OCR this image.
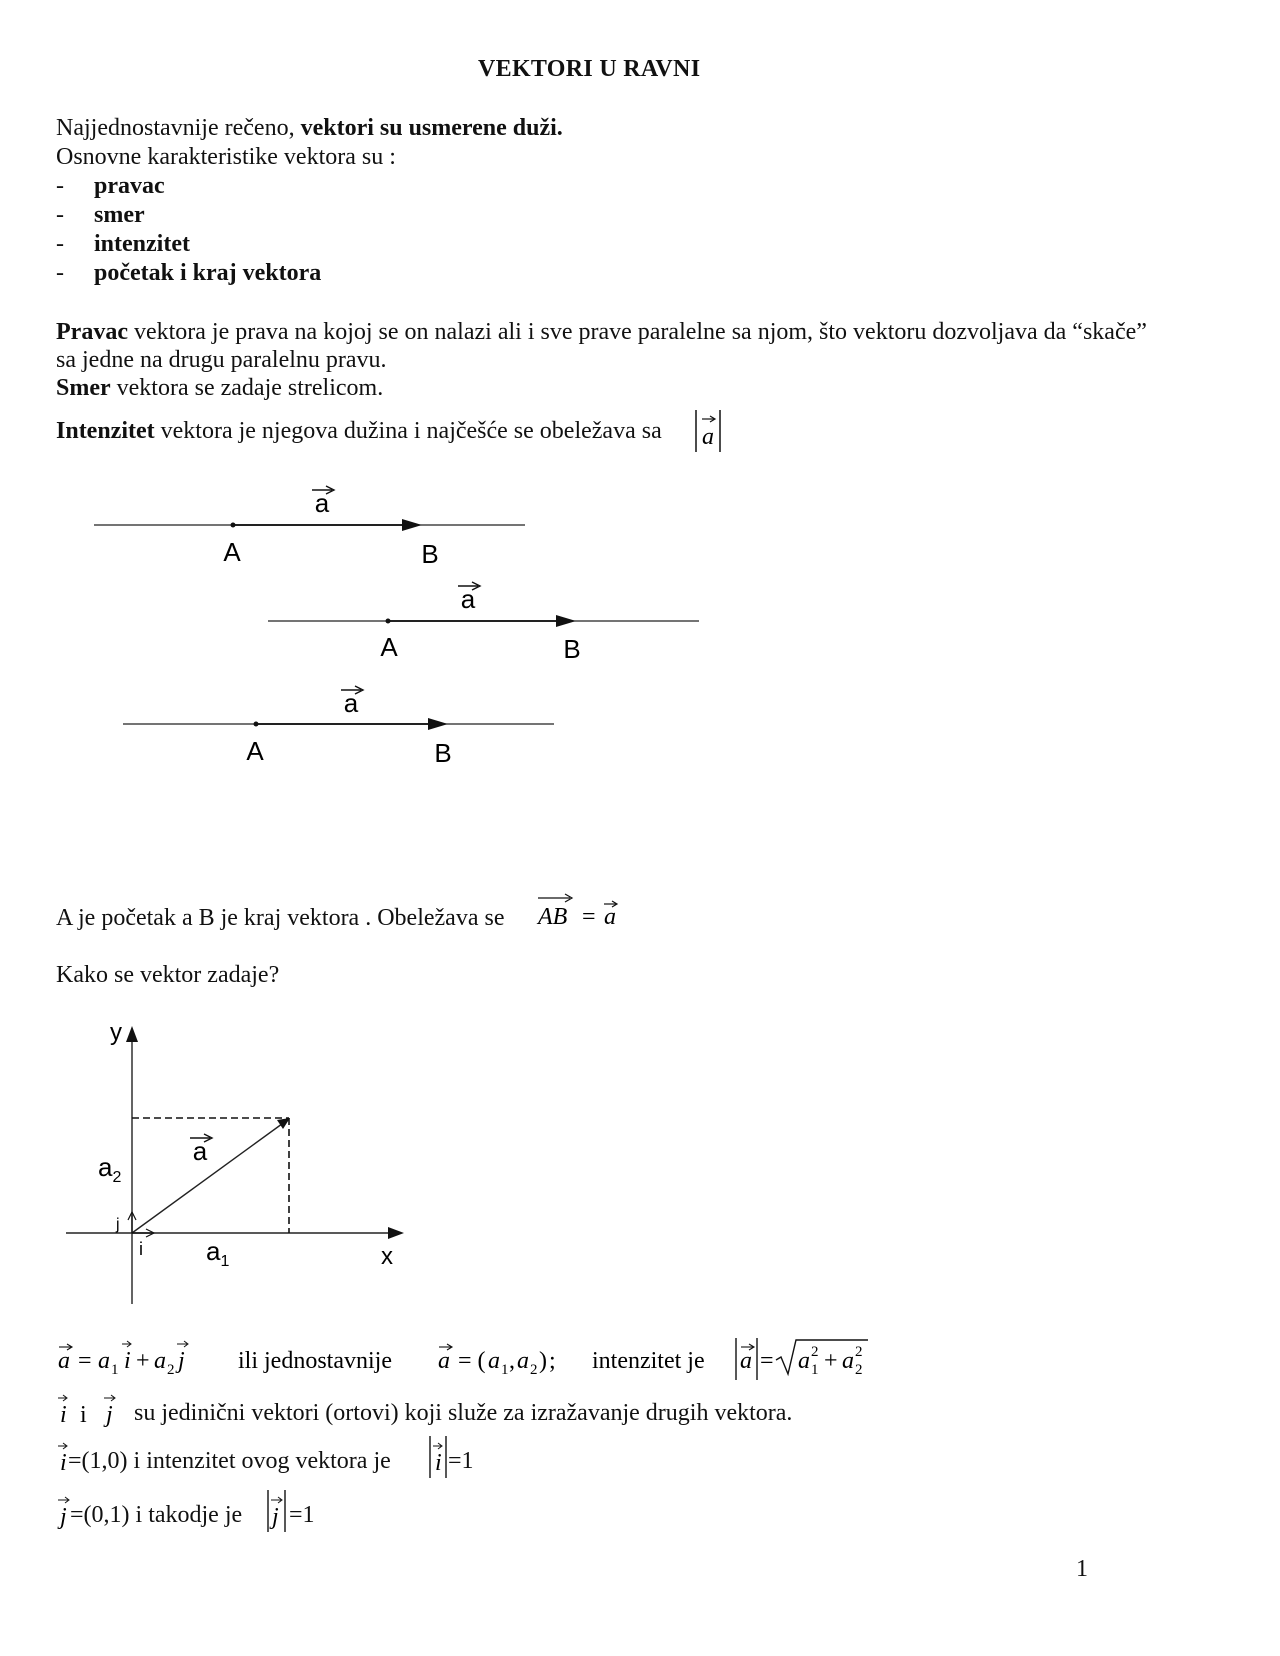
VEKTORI U RAVNI
Najjednostavnije rečeno, vektori su usmerene duži.
Osnovne karakteristike vektora su :
- pravac
- smer
- intenzitet
- početak i kraj vektora
Pravac vektora je prava na kojoj se on nalazi ali i sve prave paralelne sa njom, što vektoru dozvoljava da “skače”
sa jedne na drugu paralelnu pravu.
Smer vektora se zadaje strelicom.
Intenzitet vektora je njegova dužina i najčešće se obeležava sa a
a
A	B
a
A	B
a
A	B
A je početak a B je kraj vektora . Obeležava se AB = a
Kako se vektor zadaje?
y
x
a
$a_2$
$a_1$
i
j
a = a 1 i + a 2 j ili jednostavnije a = ( a 1 , a 2 ) ; intenzitet je a = a 1
2 + a 2
2
i i j su jedinični vektori (ortovi) koji služe za izražavanje drugih vektora.
i =(1,0) i intenzitet ovog vektora je i =1
j =(0,1) i takodje je j =1
1
